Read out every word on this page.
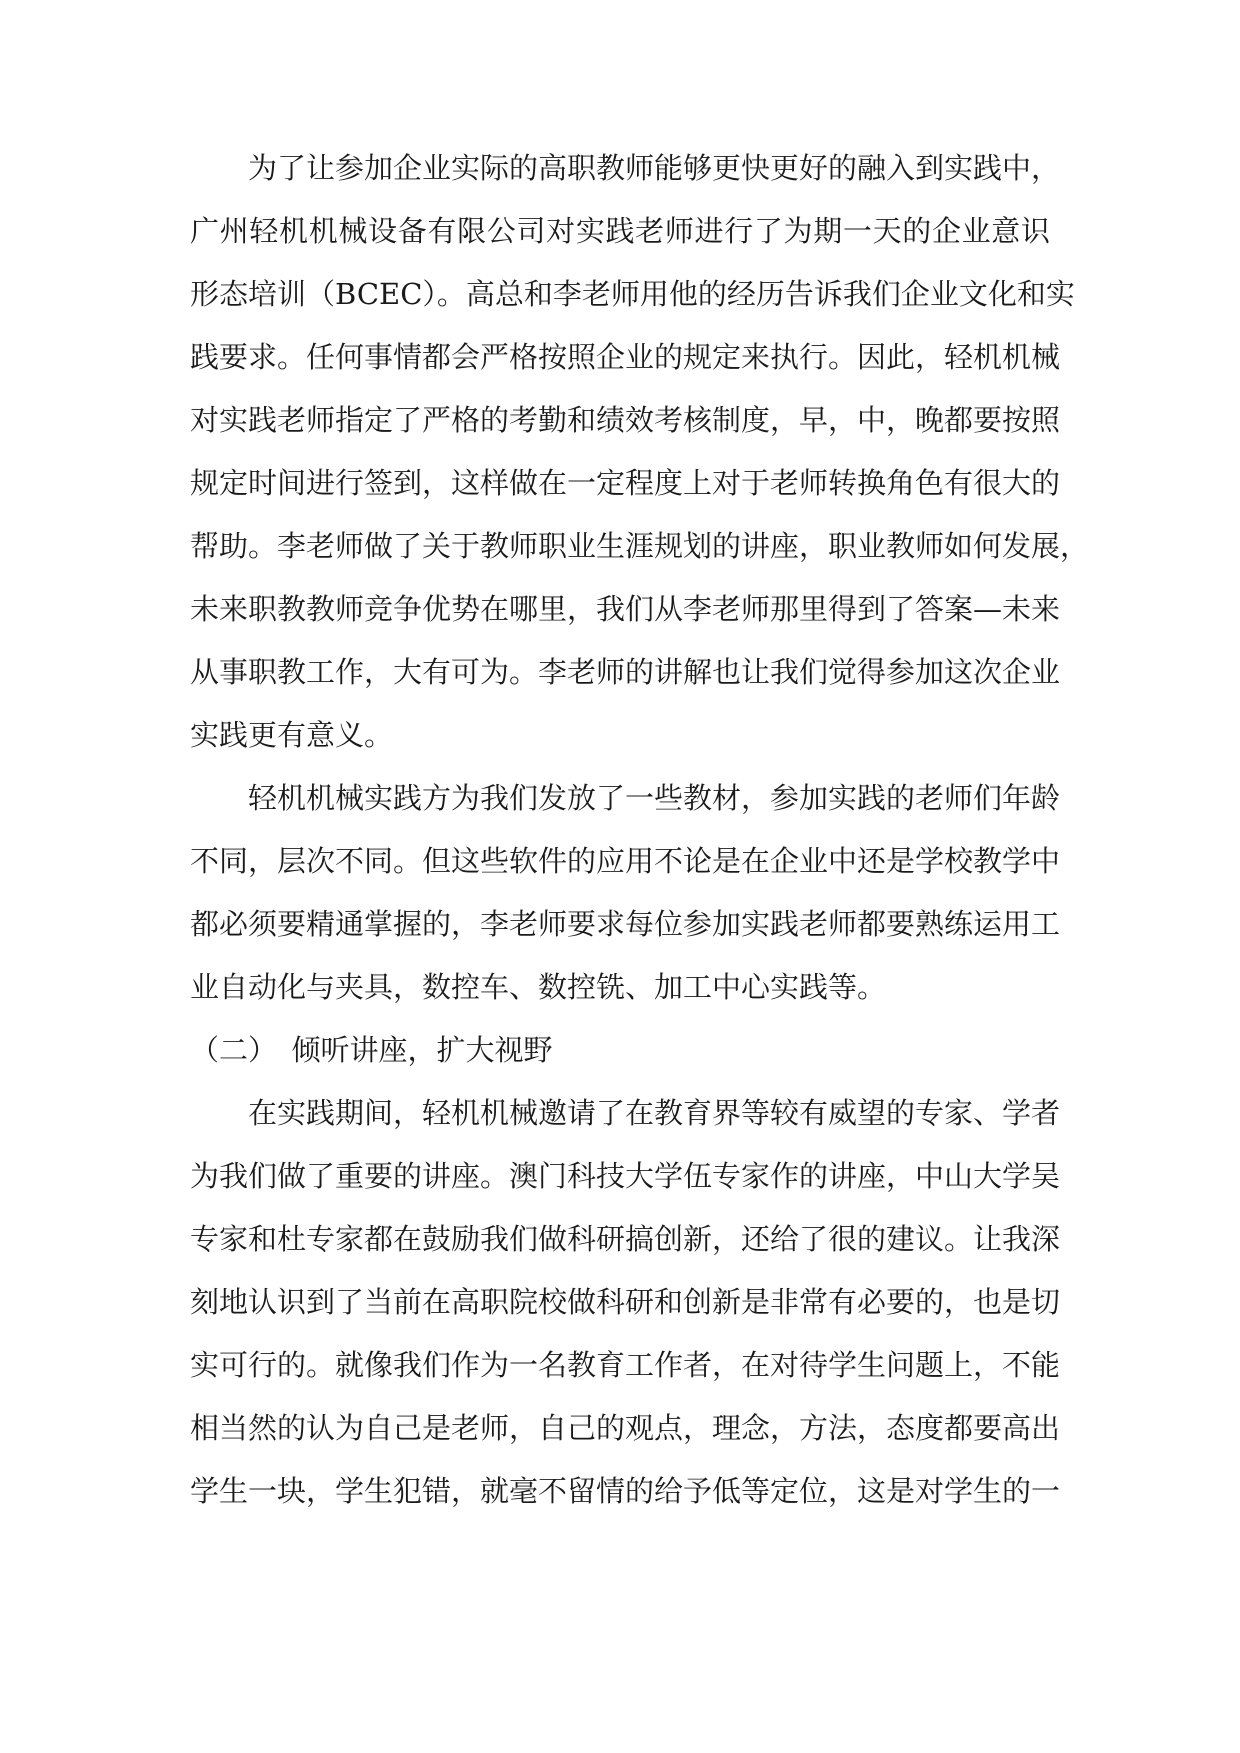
为了让参加企业实际的高职教师能够更快更好的融入到实践中，
广州轻机机械设备有限公司对实践老师进行了为期一天的企业意识
形态培训（BCEC）。高总和李老师用他的经历告诉我们企业文化和实
践要求。任何事情都会严格按照企业的规定来执行。因此，轻机机械
对实践老师指定了严格的考勤和绩效考核制度，早，中，晚都要按照
规定时间进行签到，这样做在一定程度上对于老师转换角色有很大的
帮助。李老师做了关于教师职业生涯规划的讲座，职业教师如何发展，
未来职教教师竞争优势在哪里，我们从李老师那里得到了答案—未来
从事职教工作，大有可为。李老师的讲解也让我们觉得参加这次企业
实践更有意义。
轻机机械实践方为我们发放了一些教材，参加实践的老师们年龄
不同，层次不同。但这些软件的应用不论是在企业中还是学校教学中
都必须要精通掌握的，李老师要求每位参加实践老师都要熟练运用工
业自动化与夹具，数控车、数控铣、加工中心实践等。
（二）　倾听讲座，扩大视野
在实践期间，轻机机械邀请了在教育界等较有威望的专家、学者
为我们做了重要的讲座。澳门科技大学伍专家作的讲座，中山大学吴
专家和杜专家都在鼓励我们做科研搞创新，还给了很的建议。让我深
刻地认识到了当前在高职院校做科研和创新是非常有必要的，也是切
实可行的。就像我们作为一名教育工作者，在对待学生问题上，不能
相当然的认为自己是老师，自己的观点，理念，方法，态度都要高出
学生一块，学生犯错，就毫不留情的给予低等定位，这是对学生的一
